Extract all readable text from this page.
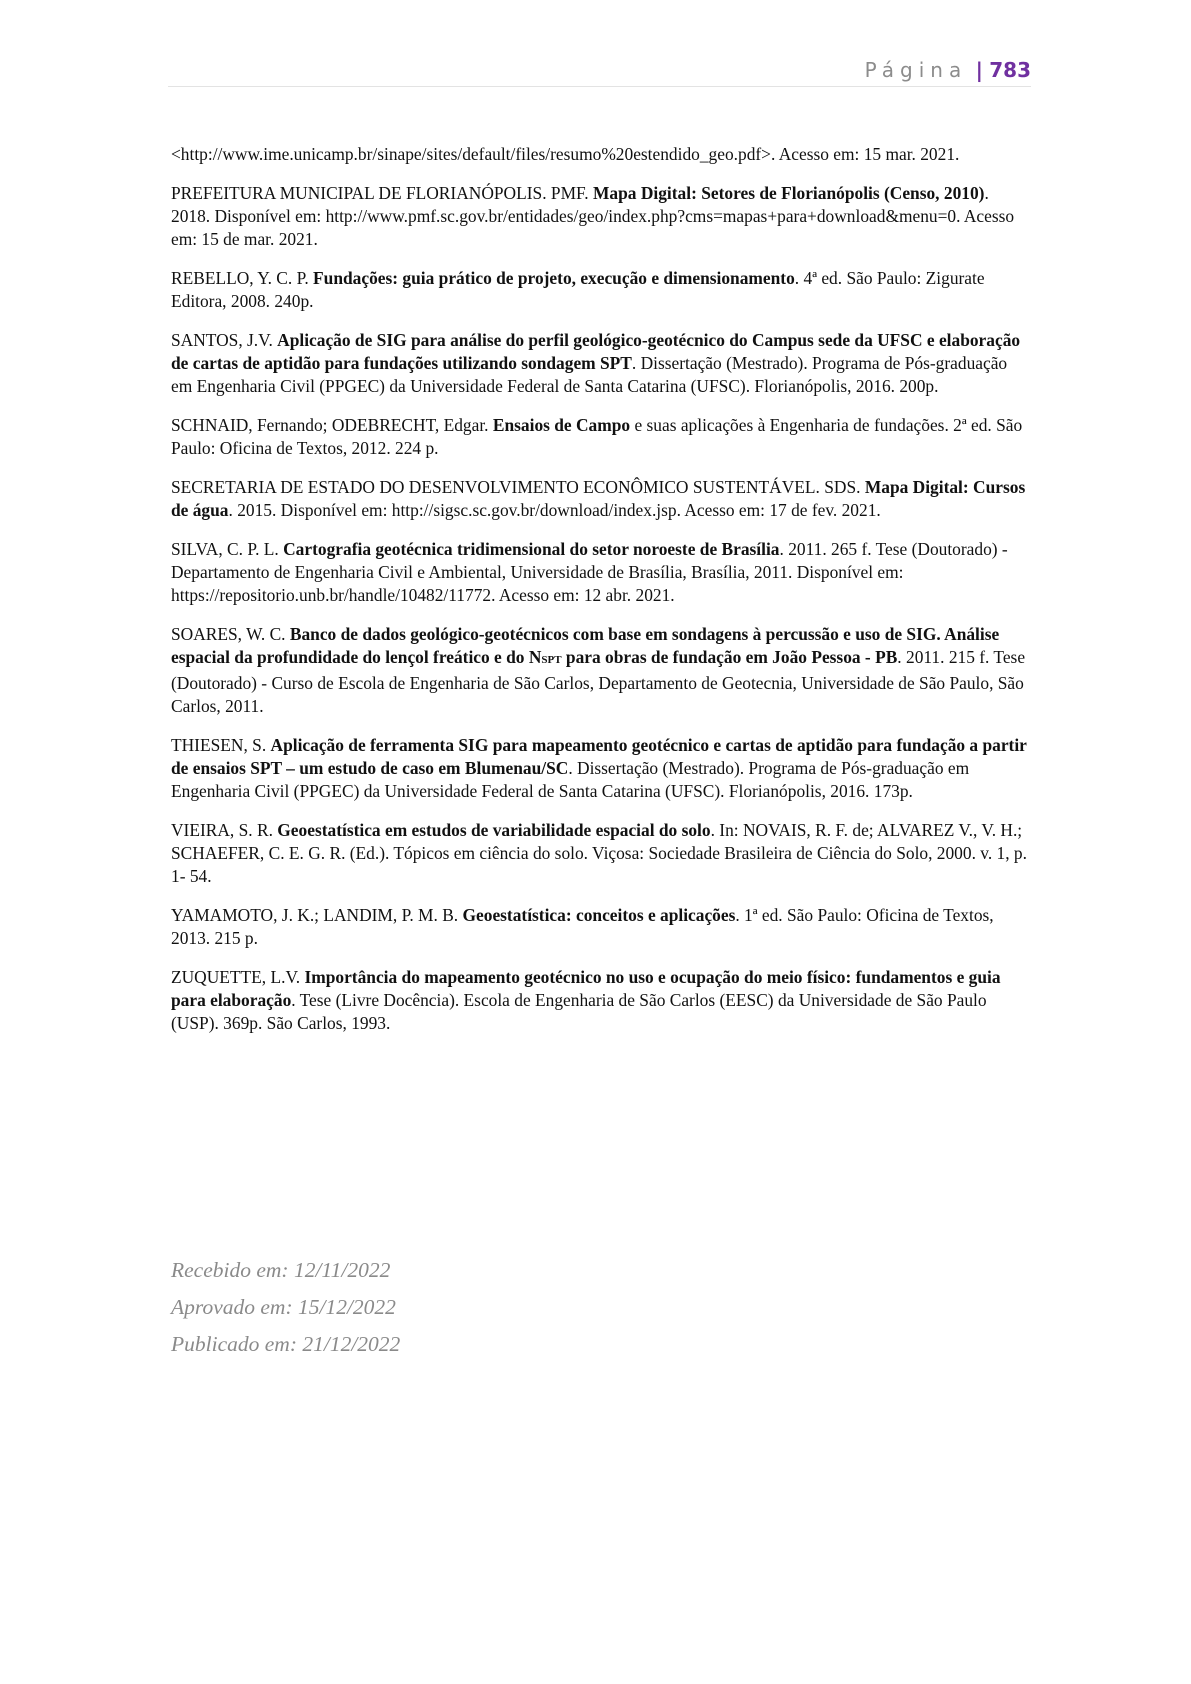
Página | 783

<http://www.ime.unicamp.br/sinape/sites/default/files/resumo%20estendido_geo.pdf>. Acesso em: 15 mar. 2021.

PREFEITURA MUNICIPAL DE FLORIANÓPOLIS. PMF. Mapa Digital: Setores de Florianópolis (Censo, 2010). 2018. Disponível em: http://www.pmf.sc.gov.br/entidades/geo/index.php?cms=mapas+para+download&menu=0. Acesso em: 15 de mar. 2021.

REBELLO, Y. C. P. Fundações: guia prático de projeto, execução e dimensionamento. 4ª ed. São Paulo: Zigurate Editora, 2008. 240p.

SANTOS, J.V. Aplicação de SIG para análise do perfil geológico-geotécnico do Campus sede da UFSC e elaboração de cartas de aptidão para fundações utilizando sondagem SPT. Dissertação (Mestrado). Programa de Pós-graduação em Engenharia Civil (PPGEC) da Universidade Federal de Santa Catarina (UFSC). Florianópolis, 2016. 200p.

SCHNAID, Fernando; ODEBRECHT, Edgar. Ensaios de Campo e suas aplicações à Engenharia de fundações. 2ª ed. São Paulo: Oficina de Textos, 2012. 224 p.

SECRETARIA DE ESTADO DO DESENVOLVIMENTO ECONÔMICO SUSTENTÁVEL. SDS. Mapa Digital: Cursos de água. 2015. Disponível em: http://sigsc.sc.gov.br/download/index.jsp. Acesso em: 17 de fev. 2021.

SILVA, C. P. L. Cartografia geotécnica tridimensional do setor noroeste de Brasília. 2011. 265 f. Tese (Doutorado) - Departamento de Engenharia Civil e Ambiental, Universidade de Brasília, Brasília, 2011. Disponível em: https://repositorio.unb.br/handle/10482/11772. Acesso em: 12 abr. 2021.

SOARES, W. C. Banco de dados geológico-geotécnicos com base em sondagens à percussão e uso de SIG. Análise espacial da profundidade do lençol freático e do NSPT para obras de fundação em João Pessoa - PB. 2011. 215 f. Tese (Doutorado) - Curso de Escola de Engenharia de São Carlos, Departamento de Geotecnia, Universidade de São Paulo, São Carlos, 2011.

THIESEN, S. Aplicação de ferramenta SIG para mapeamento geotécnico e cartas de aptidão para fundação a partir de ensaios SPT – um estudo de caso em Blumenau/SC. Dissertação (Mestrado). Programa de Pós-graduação em Engenharia Civil (PPGEC) da Universidade Federal de Santa Catarina (UFSC). Florianópolis, 2016. 173p.

VIEIRA, S. R. Geoestatística em estudos de variabilidade espacial do solo. In: NOVAIS, R. F. de; ALVAREZ V., V. H.; SCHAEFER, C. E. G. R. (Ed.). Tópicos em ciência do solo. Viçosa: Sociedade Brasileira de Ciência do Solo, 2000. v. 1, p. 1- 54.

YAMAMOTO, J. K.; LANDIM, P. M. B. Geoestatística: conceitos e aplicações. 1ª ed. São Paulo: Oficina de Textos, 2013. 215 p.

ZUQUETTE, L.V. Importância do mapeamento geotécnico no uso e ocupação do meio físico: fundamentos e guia para elaboração. Tese (Livre Docência). Escola de Engenharia de São Carlos (EESC) da Universidade de São Paulo (USP). 369p. São Carlos, 1993.

Recebido em: 12/11/2022
Aprovado em: 15/12/2022
Publicado em: 21/12/2022
